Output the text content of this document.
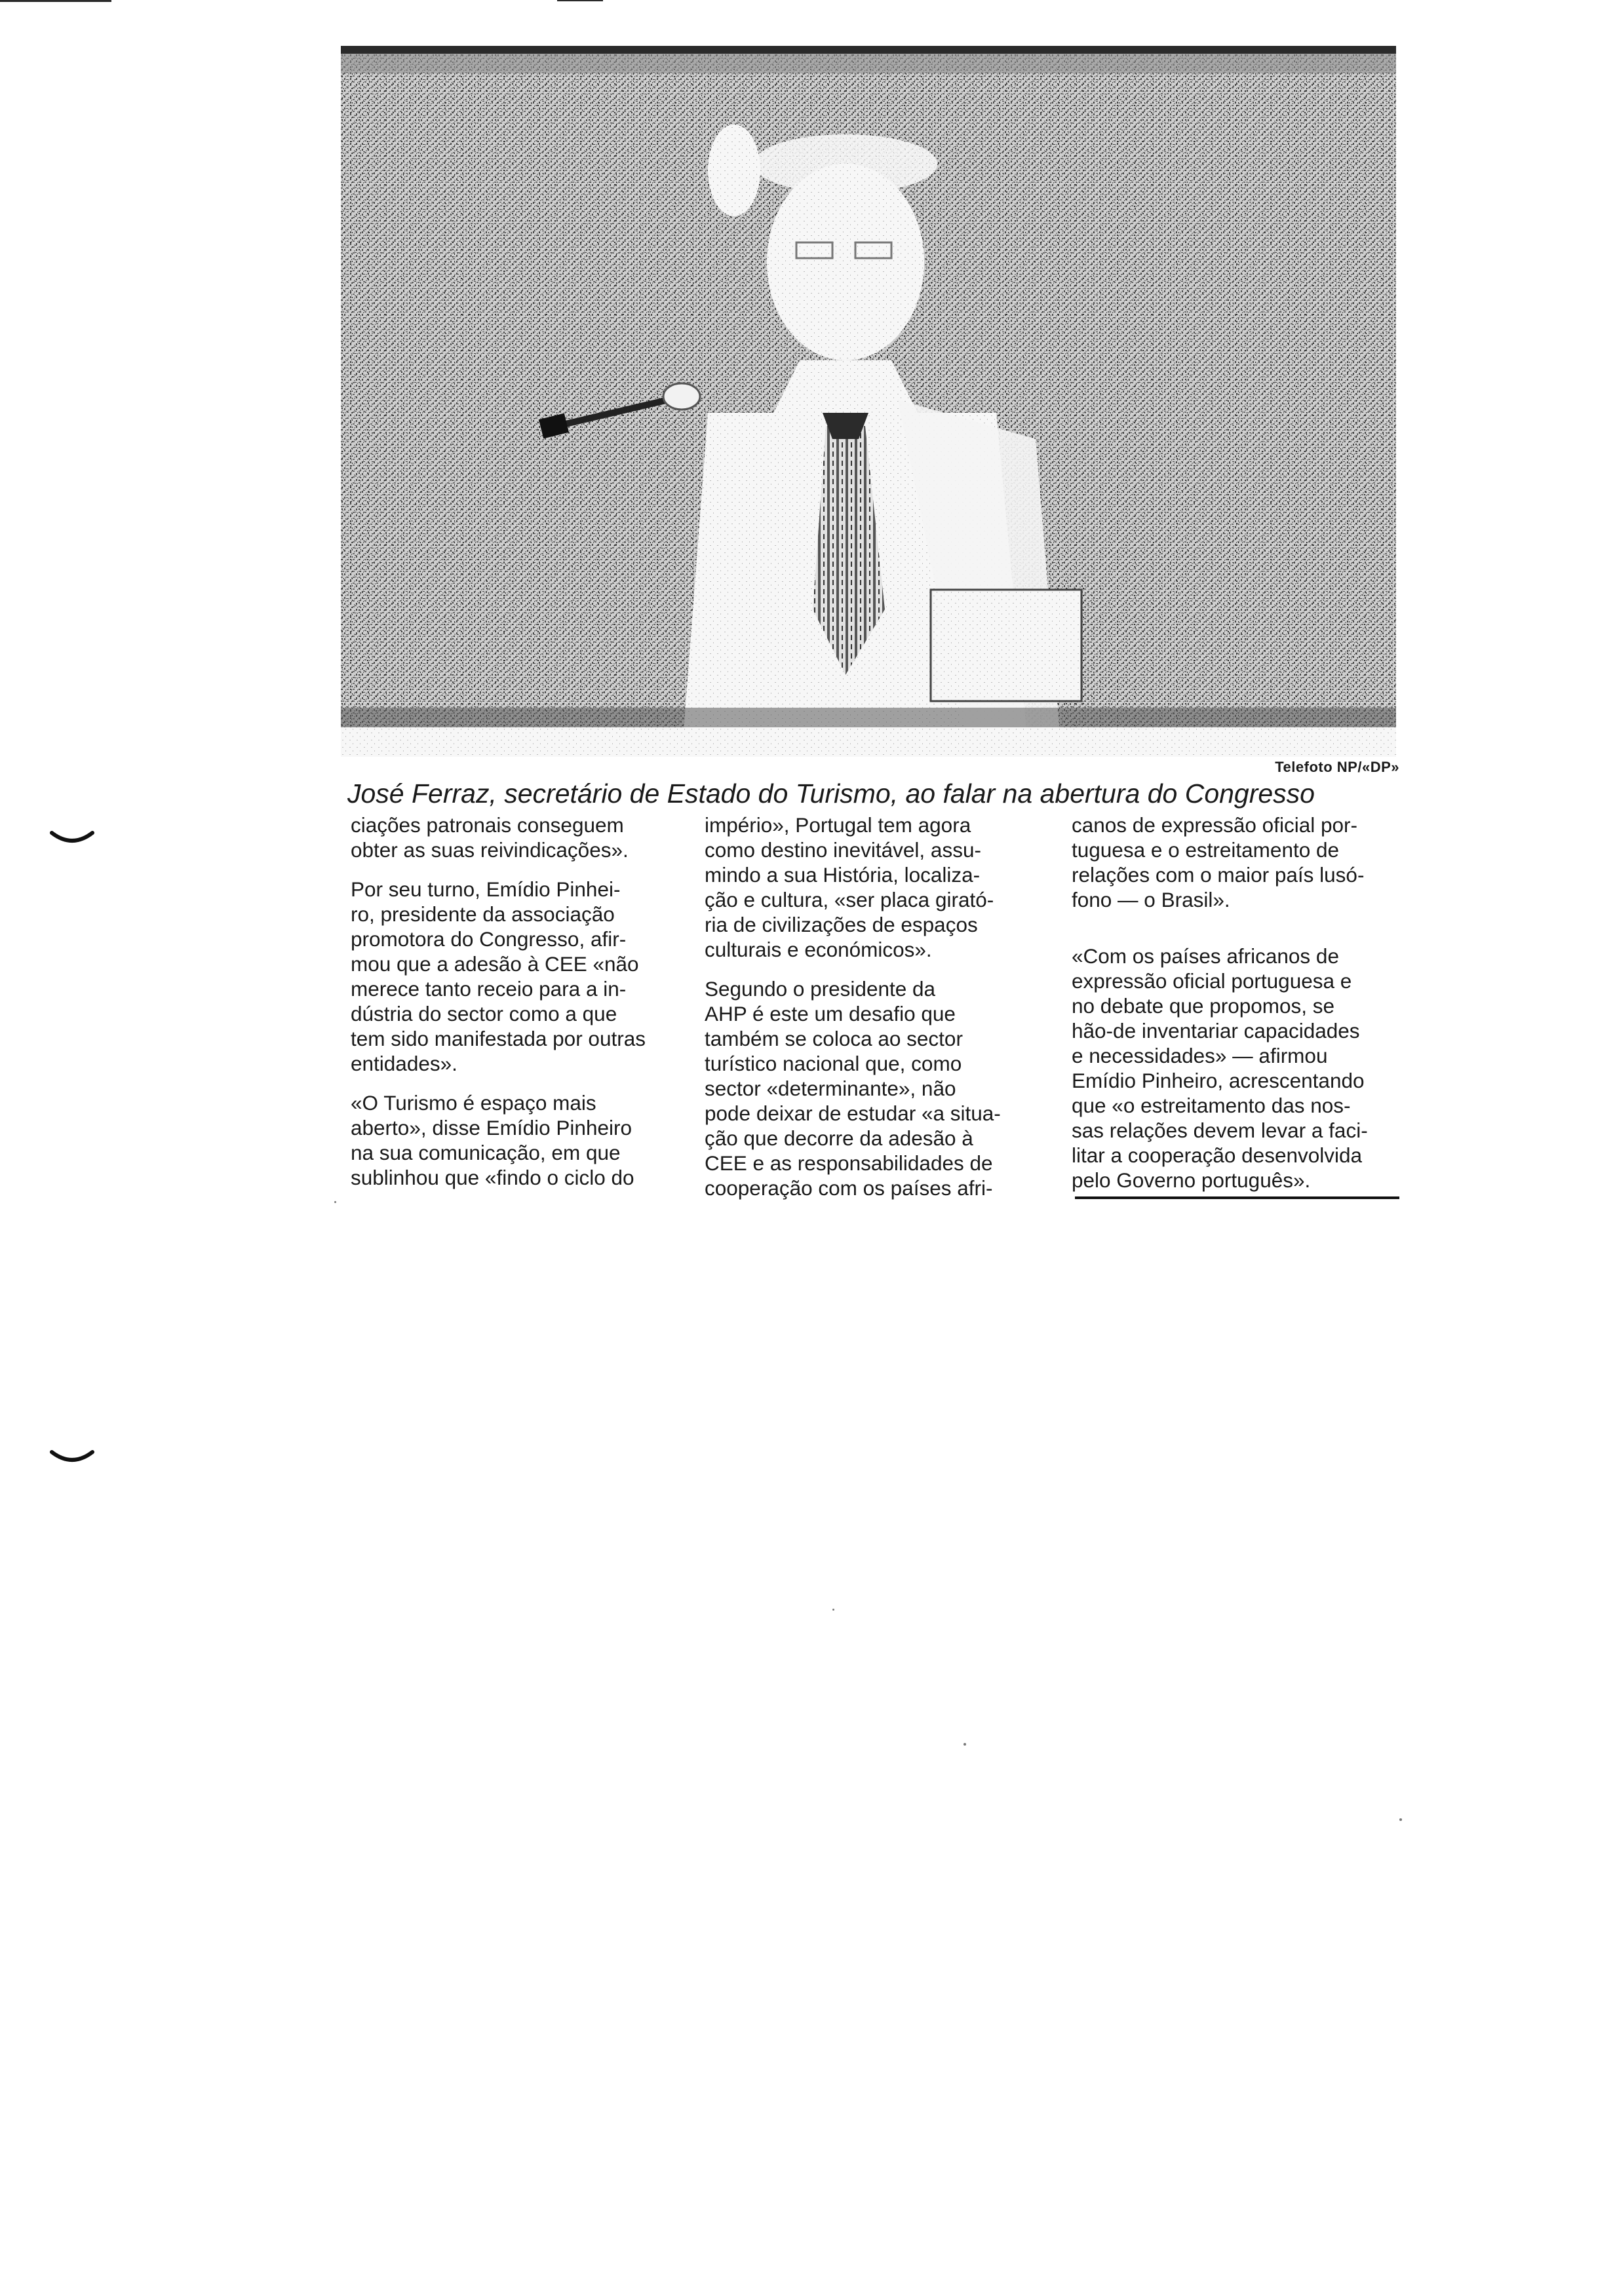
Telefoto NP/«DP»
José Ferraz, secretário de Estado do Turismo, ao falar na abertura do Congresso

ciações patronais conseguem
obter as suas reivindicações».

Por seu turno, Emídio Pinhei-
ro, presidente da associação
promotora do Congresso, afir-
mou que a adesão à CEE «não
merece tanto receio para a in-
dústria do sector como a que
tem sido manifestada por outras
entidades».

«O Turismo é espaço mais
aberto», disse Emídio Pinheiro
na sua comunicação, em que
sublinhou que «findo o ciclo do

império», Portugal tem agora
como destino inevitável, assu-
mindo a sua História, localiza-
ção e cultura, «ser placa girató-
ria de civilizações de espaços
culturais e económicos».

Segundo o presidente da
AHP é este um desafio que
também se coloca ao sector
turístico nacional que, como
sector «determinante», não
pode deixar de estudar «a situa-
ção que decorre da adesão à
CEE e as responsabilidades de
cooperação com os países afri-

canos de expressão oficial por-
tuguesa e o estreitamento de
relações com o maior país lusó-
fono — o Brasil».

«Com os países africanos de
expressão oficial portuguesa e
no debate que propomos, se
hão-de inventariar capacidades
e necessidades» — afirmou
Emídio Pinheiro, acrescentando
que «o estreitamento das nos-
sas relações devem levar a faci-
litar a cooperação desenvolvida
pelo Governo português».
